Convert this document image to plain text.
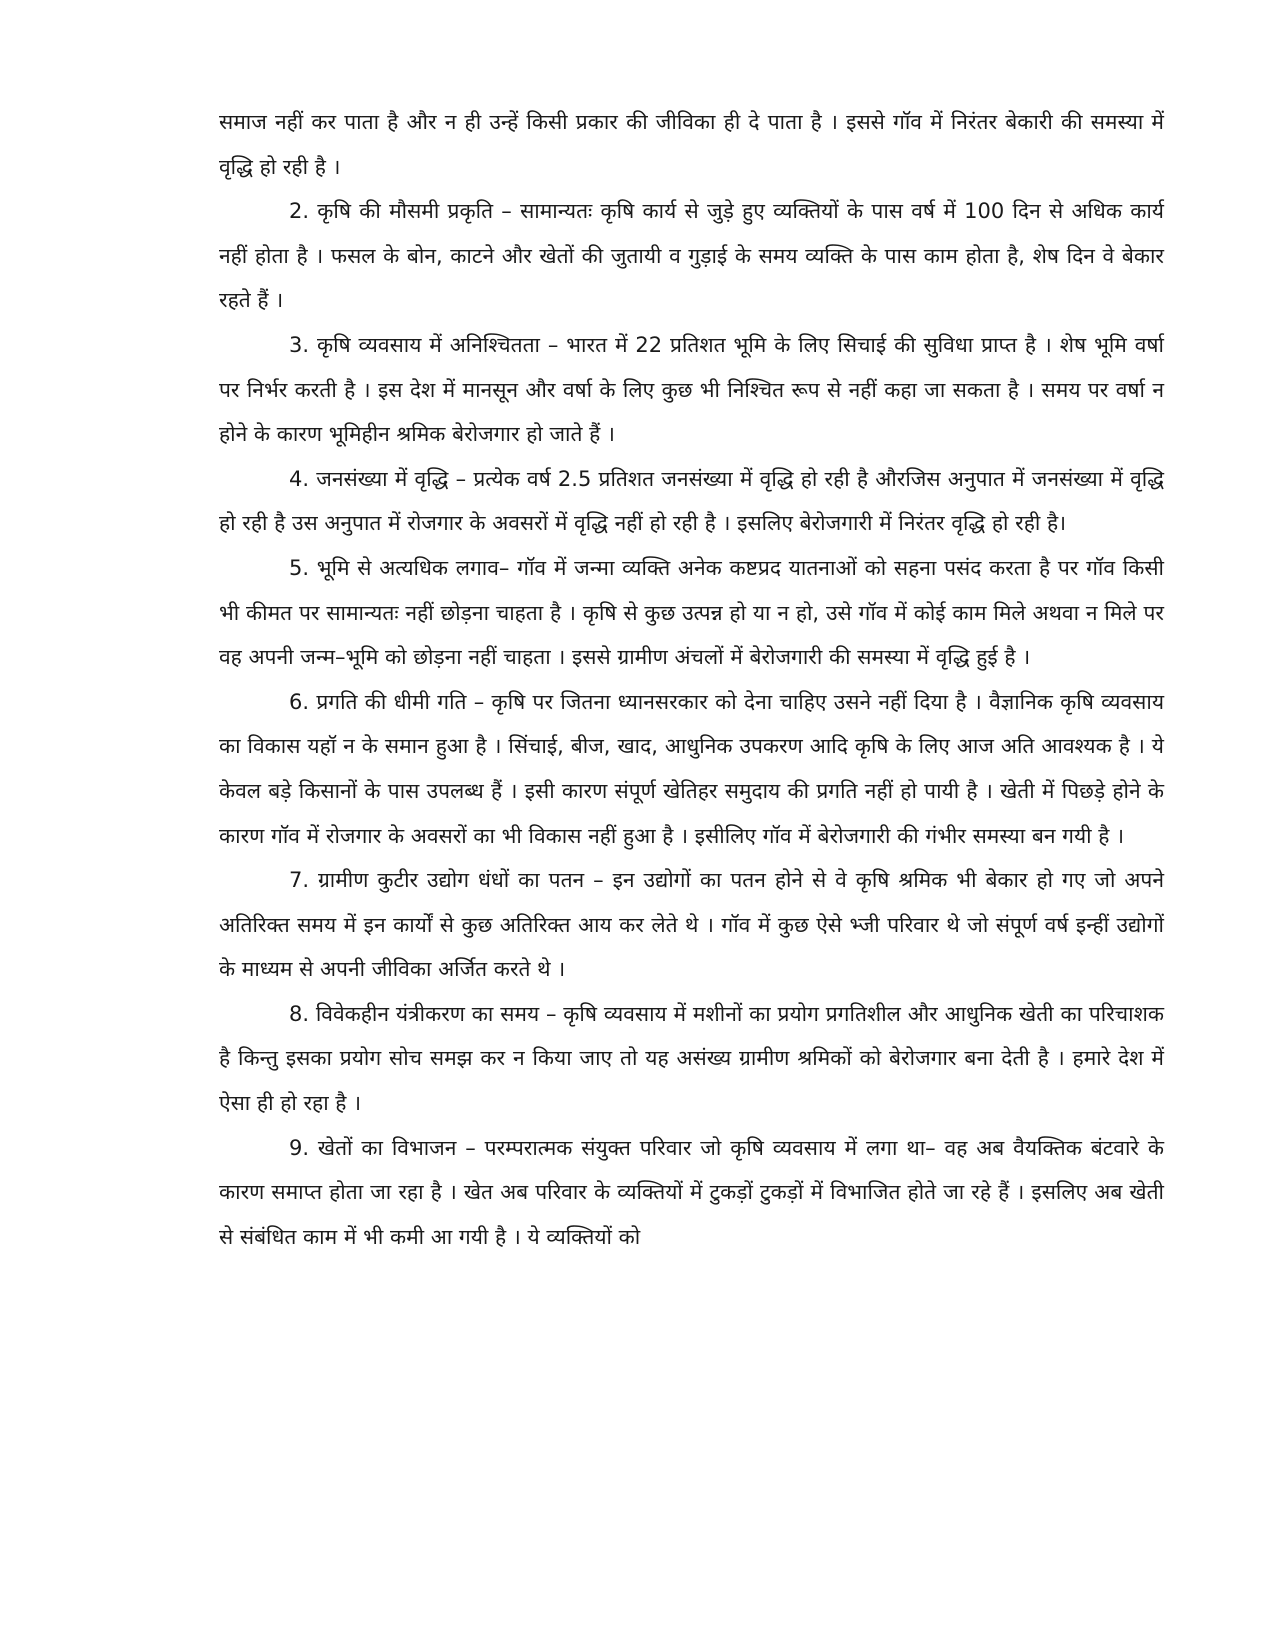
समाज नहीं कर पाता है और न ही उन्हें किसी प्रकार की जीविका ही दे पाता है । इससे गॉव में निरंतर बेकारी की समस्या में वृद्धि हो रही है ।

2. कृषि की मौसमी प्रकृति – सामान्यतः कृषि कार्य से जुड़े हुए व्यक्तियों के पास वर्ष में 100 दिन से अधिक कार्य नहीं होता है । फसल के बोन, काटने और खेतों की जुतायी व गुड़ाई के समय व्यक्ति के पास काम होता है, शेष दिन वे बेकार रहते हैं ।

3. कृषि व्यवसाय में अनिश्चितता – भारत में 22 प्रतिशत भूमि के लिए सिचाई की सुविधा प्राप्त है । शेष भूमि वर्षा पर निर्भर करती है । इस देश में मानसून और वर्षा के लिए कुछ भी निश्चित रूप से नहीं कहा जा सकता है । समय पर वर्षा न होने के कारण भूमिहीन श्रमिक बेरोजगार हो जाते हैं ।

4. जनसंख्या में वृद्धि – प्रत्येक वर्ष 2.5 प्रतिशत जनसंख्या में वृद्धि हो रही है औरजिस अनुपात में जनसंख्या में वृद्धि हो रही है उस अनुपात में रोजगार के अवसरों में वृद्धि नहीं हो रही है । इसलिए बेरोजगारी में निरंतर वृद्धि हो रही है।

5. भूमि से अत्यधिक लगाव– गॉव में जन्मा व्यक्ति अनेक कष्टप्रद यातनाओं को सहना पसंद करता है पर गॉव किसी भी कीमत पर सामान्यतः नहीं छोड़ना चाहता है । कृषि से कुछ उत्पन्न हो या न हो, उसे गॉव में कोई काम मिले अथवा न मिले पर वह अपनी जन्म–भूमि को छोड़ना नहीं चाहता । इससे ग्रामीण अंचलों में बेरोजगारी की समस्या में वृद्धि हुई है ।

6. प्रगति की धीमी गति – कृषि पर जितना ध्यानसरकार को देना चाहिए उसने नहीं दिया है । वैज्ञानिक कृषि व्यवसाय का विकास यहॉ न के समान हुआ है । सिंचाई, बीज, खाद, आधुनिक उपकरण आदि कृषि के लिए आज अति आवश्यक है । ये केवल बड़े किसानों के पास उपलब्ध हैं । इसी कारण संपूर्ण खेतिहर समुदाय की प्रगति नहीं हो पायी है । खेती में पिछड़े होने के कारण गॉव में रोजगार के अवसरों का भी विकास नहीं हुआ है । इसीलिए गॉव में बेरोजगारी की गंभीर समस्या बन गयी है ।

7. ग्रामीण कुटीर उद्योग धंधों का पतन – इन उद्योगों का पतन होने से वे कृषि श्रमिक भी बेकार हो गए जो अपने अतिरिक्त समय में इन कार्यों से कुछ अतिरिक्त आय कर लेते थे । गॉव में कुछ ऐसे भ्जी परिवार थे जो संपूर्ण वर्ष इन्हीं उद्योगों के माध्यम से अपनी जीविका अर्जित करते थे ।

8. विवेकहीन यंत्रीकरण का समय – कृषि व्यवसाय में मशीनों का प्रयोग प्रगतिशील और आधुनिक खेती का परिचाशक है किन्तु इसका प्रयोग सोच समझ कर न किया जाए तो यह असंख्य ग्रामीण श्रमिकों को बेरोजगार बना देती है । हमारे देश में ऐसा ही हो रहा है ।

9. खेतों का विभाजन – परम्परात्मक संयुक्त परिवार जो कृषि व्यवसाय में लगा था– वह अब वैयक्तिक बंटवारे के कारण समाप्त होता जा रहा है । खेत अब परिवार के व्यक्तियों में टुकड़ों टुकड़ों में विभाजित होते जा रहे हैं । इसलिए अब खेती से संबंधित काम में भी कमी आ गयी है । ये व्यक्तियों को
